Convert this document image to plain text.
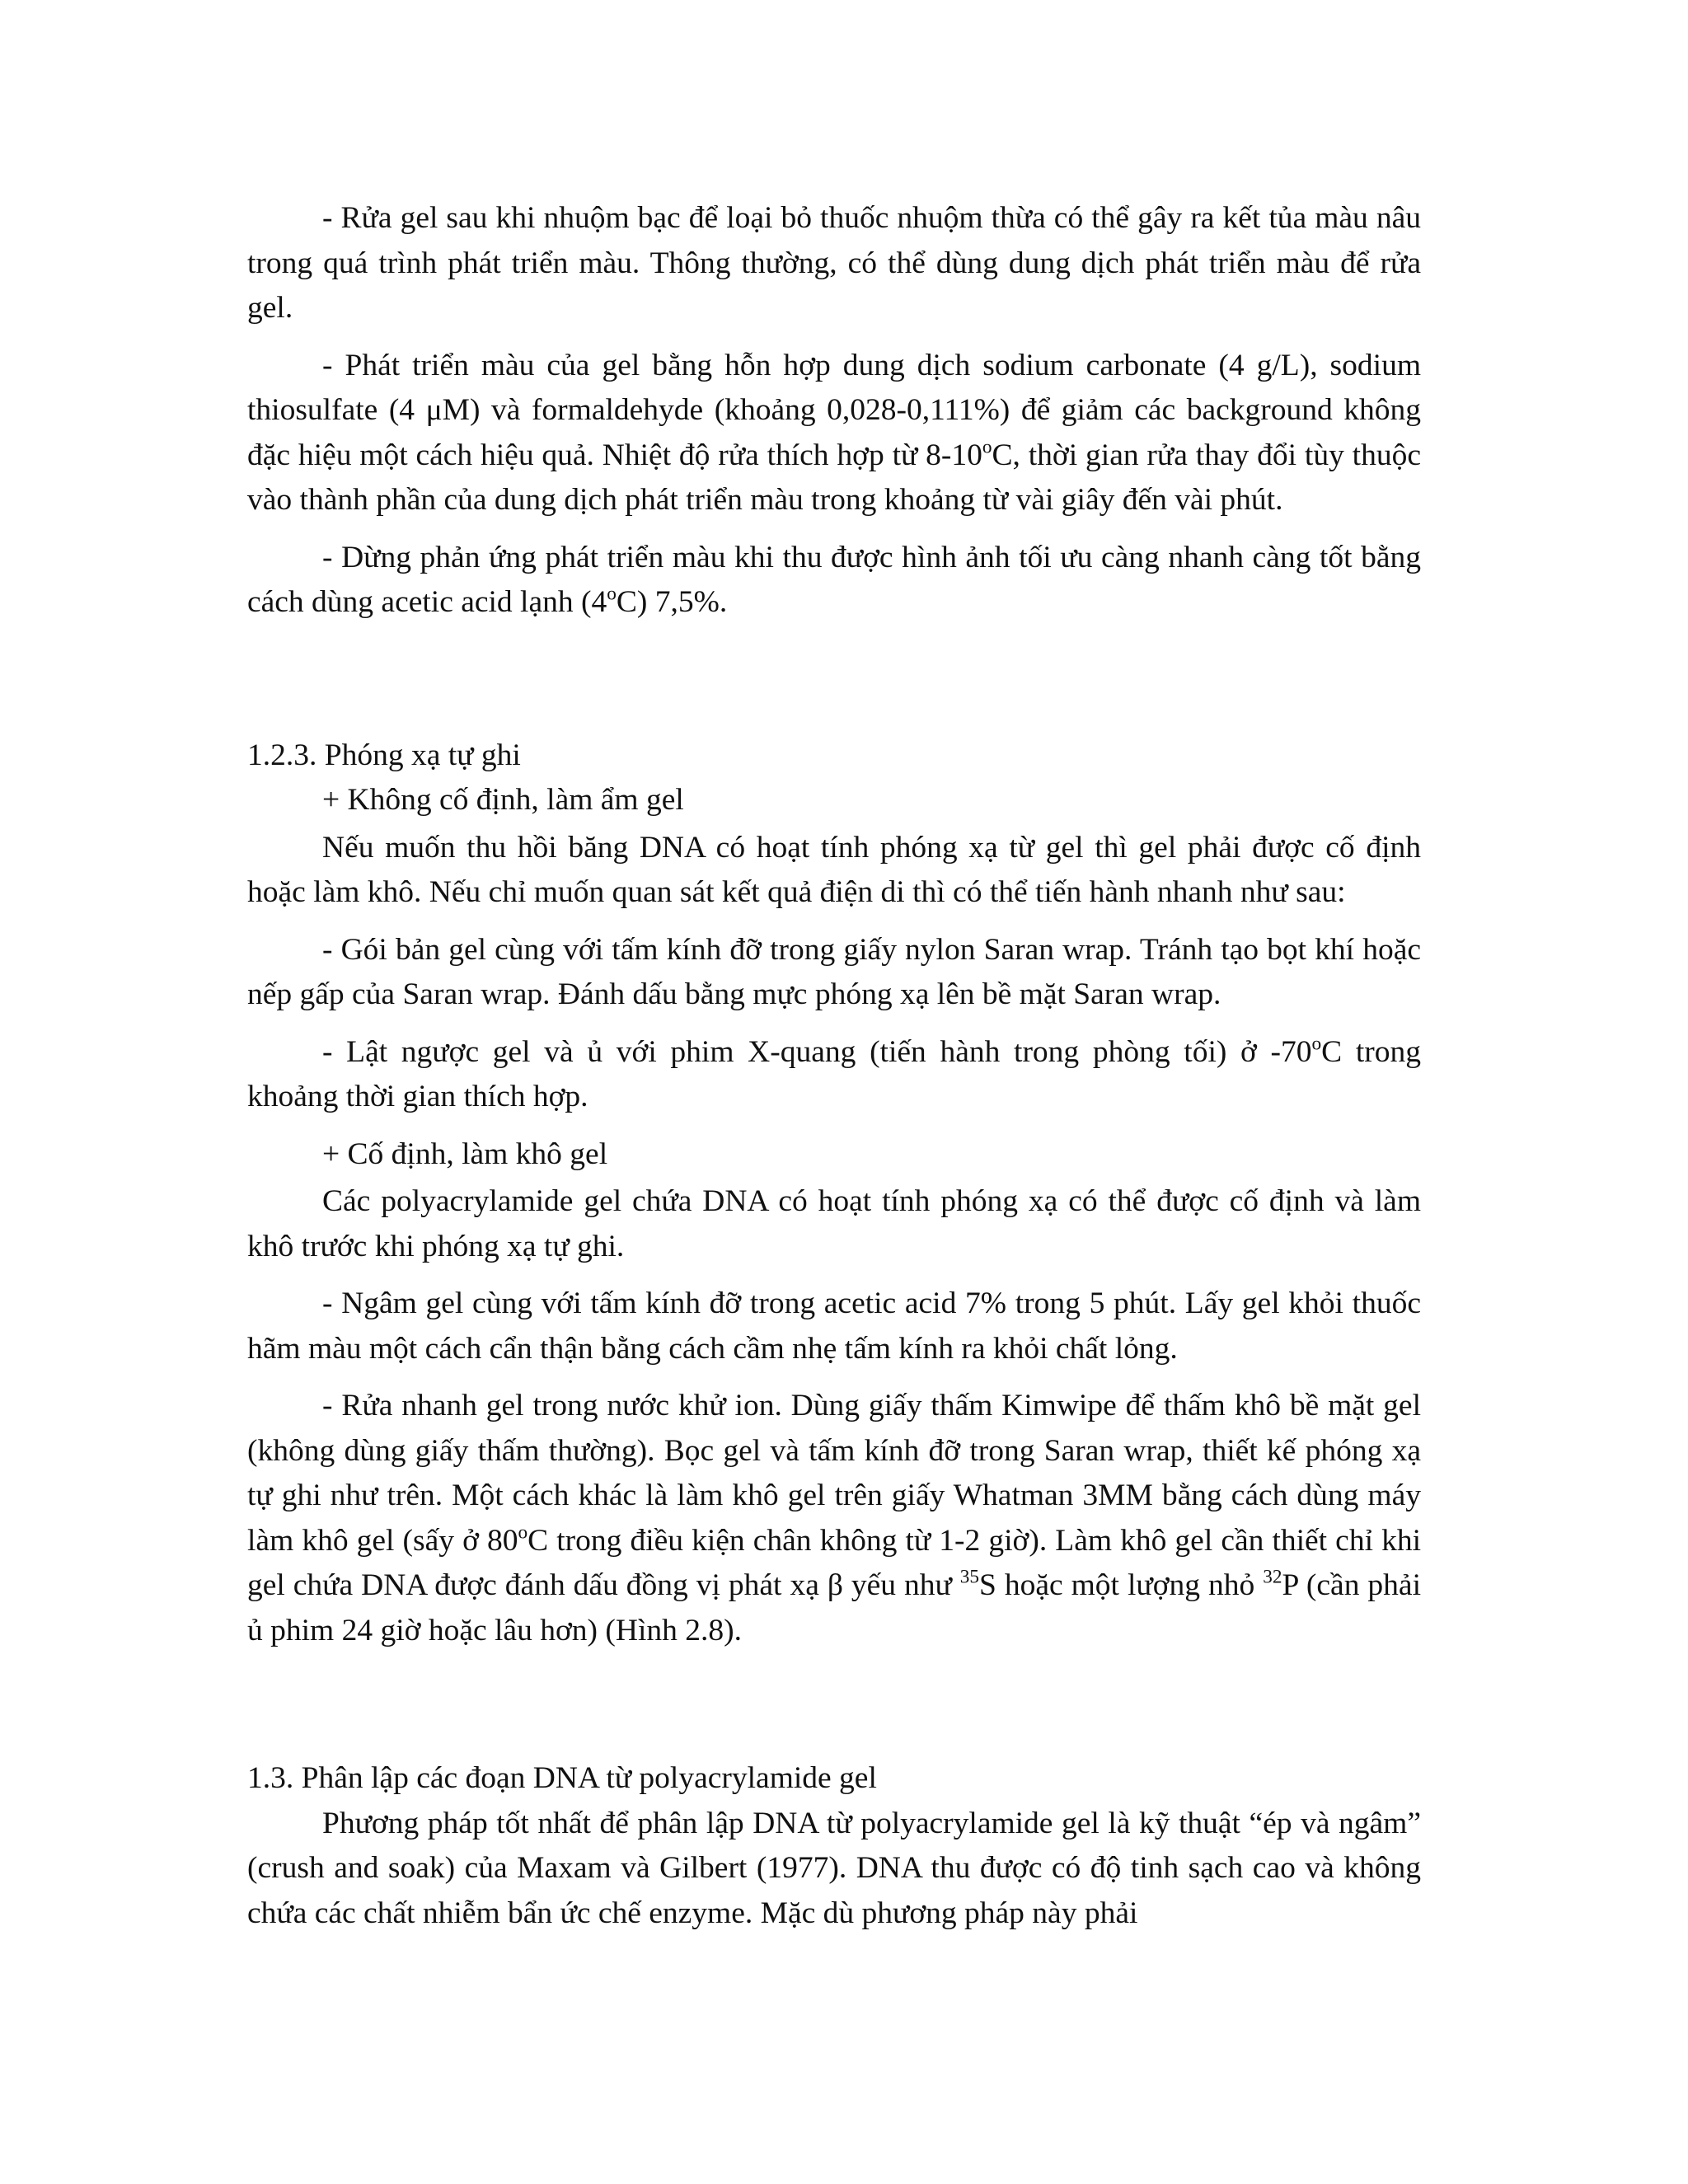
- Rửa gel sau khi nhuộm bạc để loại bỏ thuốc nhuộm thừa có thể gây ra kết tủa màu nâu trong quá trình phát triển màu. Thông thường, có thể dùng dung dịch phát triển màu để rửa gel.

- Phát triển màu của gel bằng hỗn hợp dung dịch sodium carbonate (4 g/L), sodium thiosulfate (4 μM) và formaldehyde (khoảng 0,028-0,111%) để giảm các background không đặc hiệu một cách hiệu quả. Nhiệt độ rửa thích hợp từ 8-10$^o$C, thời gian rửa thay đổi tùy thuộc vào thành phần của dung dịch phát triển màu trong khoảng từ vài giây đến vài phút.

- Dừng phản ứng phát triển màu khi thu được hình ảnh tối ưu càng nhanh càng tốt bằng cách dùng acetic acid lạnh (4$^o$C) 7,5%.

1.2.3. Phóng xạ tự ghi

+ Không cố định, làm ẩm gel

Nếu muốn thu hồi băng DNA có hoạt tính phóng xạ từ gel thì gel phải được cố định hoặc làm khô. Nếu chỉ muốn quan sát kết quả điện di thì có thể tiến hành nhanh như sau:

- Gói bản gel cùng với tấm kính đỡ trong giấy nylon Saran wrap. Tránh tạo bọt khí hoặc nếp gấp của Saran wrap. Đánh dấu bằng mực phóng xạ lên bề mặt Saran wrap.

- Lật ngược gel và ủ với phim X-quang (tiến hành trong phòng tối) ở -70$^o$C trong khoảng thời gian thích hợp.

+ Cố định, làm khô gel

Các polyacrylamide gel chứa DNA có hoạt tính phóng xạ có thể được cố định và làm khô trước khi phóng xạ tự ghi.

- Ngâm gel cùng với tấm kính đỡ trong acetic acid 7% trong 5 phút. Lấy gel khỏi thuốc hãm màu một cách cẩn thận bằng cách cầm nhẹ tấm kính ra khỏi chất lỏng.

- Rửa nhanh gel trong nước khử ion. Dùng giấy thấm Kimwipe để thấm khô bề mặt gel (không dùng giấy thấm thường). Bọc gel và tấm kính đỡ trong Saran wrap, thiết kế phóng xạ tự ghi như trên. Một cách khác là làm khô gel trên giấy Whatman 3MM bằng cách dùng máy làm khô gel (sấy ở 80$^o$C trong điều kiện chân không từ 1-2 giờ). Làm khô gel cần thiết chỉ khi gel chứa DNA được đánh dấu đồng vị phát xạ β yếu như $^{35}$S hoặc một lượng nhỏ $^{32}$P (cần phải ủ phim 24 giờ hoặc lâu hơn) (Hình 2.8).

1.3. Phân lập các đoạn DNA từ polyacrylamide gel

Phương pháp tốt nhất để phân lập DNA từ polyacrylamide gel là kỹ thuật “ép và ngâm” (crush and soak) của Maxam và Gilbert (1977). DNA thu được có độ tinh sạch cao và không chứa các chất nhiễm bẩn ức chế enzyme. Mặc dù phương pháp này phải
